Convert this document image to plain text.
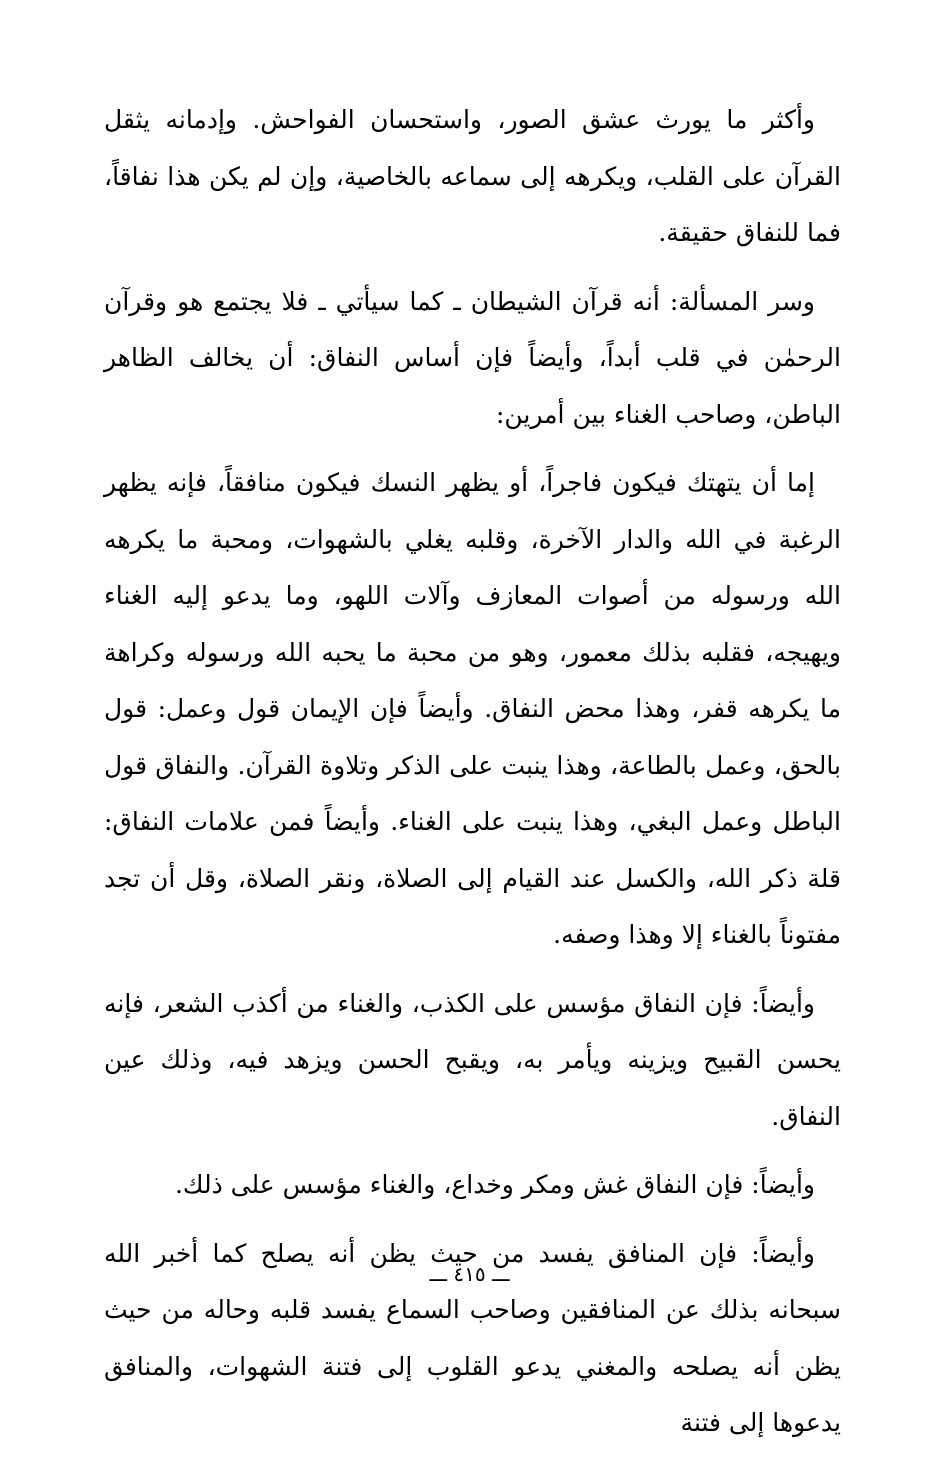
وأكثر ما يورث عشق الصور، واستحسان الفواحش. وإدمانه يثقل القرآن على القلب، ويكرهه إلى سماعه بالخاصية، وإن لم يكن هذا نفاقاً، فما للنفاق حقيقة.

وسر المسألة: أنه قرآن الشيطان ـ كما سيأتي ـ فلا يجتمع هو وقرآن الرحمٰن في قلب أبداً، وأيضاً فإن أساس النفاق: أن يخالف الظاهر الباطن، وصاحب الغناء بين أمرين:

إما أن يتهتك فيكون فاجراً، أو يظهر النسك فيكون منافقاً، فإنه يظهر الرغبة في الله والدار الآخرة، وقلبه يغلي بالشهوات، ومحبة ما يكرهه الله ورسوله من أصوات المعازف وآلات اللهو، وما يدعو إليه الغناء ويهيجه، فقلبه بذلك معمور، وهو من محبة ما يحبه الله ورسوله وكراهة ما يكرهه قفر، وهذا محض النفاق. وأيضاً فإن الإيمان قول وعمل: قول بالحق، وعمل بالطاعة، وهذا ينبت على الذكر وتلاوة القرآن. والنفاق قول الباطل وعمل البغي، وهذا ينبت على الغناء. وأيضاً فمن علامات النفاق: قلة ذكر الله، والكسل عند القيام إلى الصلاة، ونقر الصلاة، وقل أن تجد مفتوناً بالغناء إلا وهذا وصفه.

وأيضاً: فإن النفاق مؤسس على الكذب، والغناء من أكذب الشعر، فإنه يحسن القبيح ويزينه ويأمر به، ويقبح الحسن ويزهد فيه، وذلك عين النفاق.

وأيضاً: فإن النفاق غش ومكر وخداع، والغناء مؤسس على ذلك.

وأيضاً: فإن المنافق يفسد من حيث يظن أنه يصلح كما أخبر الله سبحانه بذلك عن المنافقين وصاحب السماع يفسد قلبه وحاله من حيث يظن أنه يصلحه والمغني يدعو القلوب إلى فتنة الشهوات، والمنافق يدعوها إلى فتنة

ـــ ٤١٥ ـــ
